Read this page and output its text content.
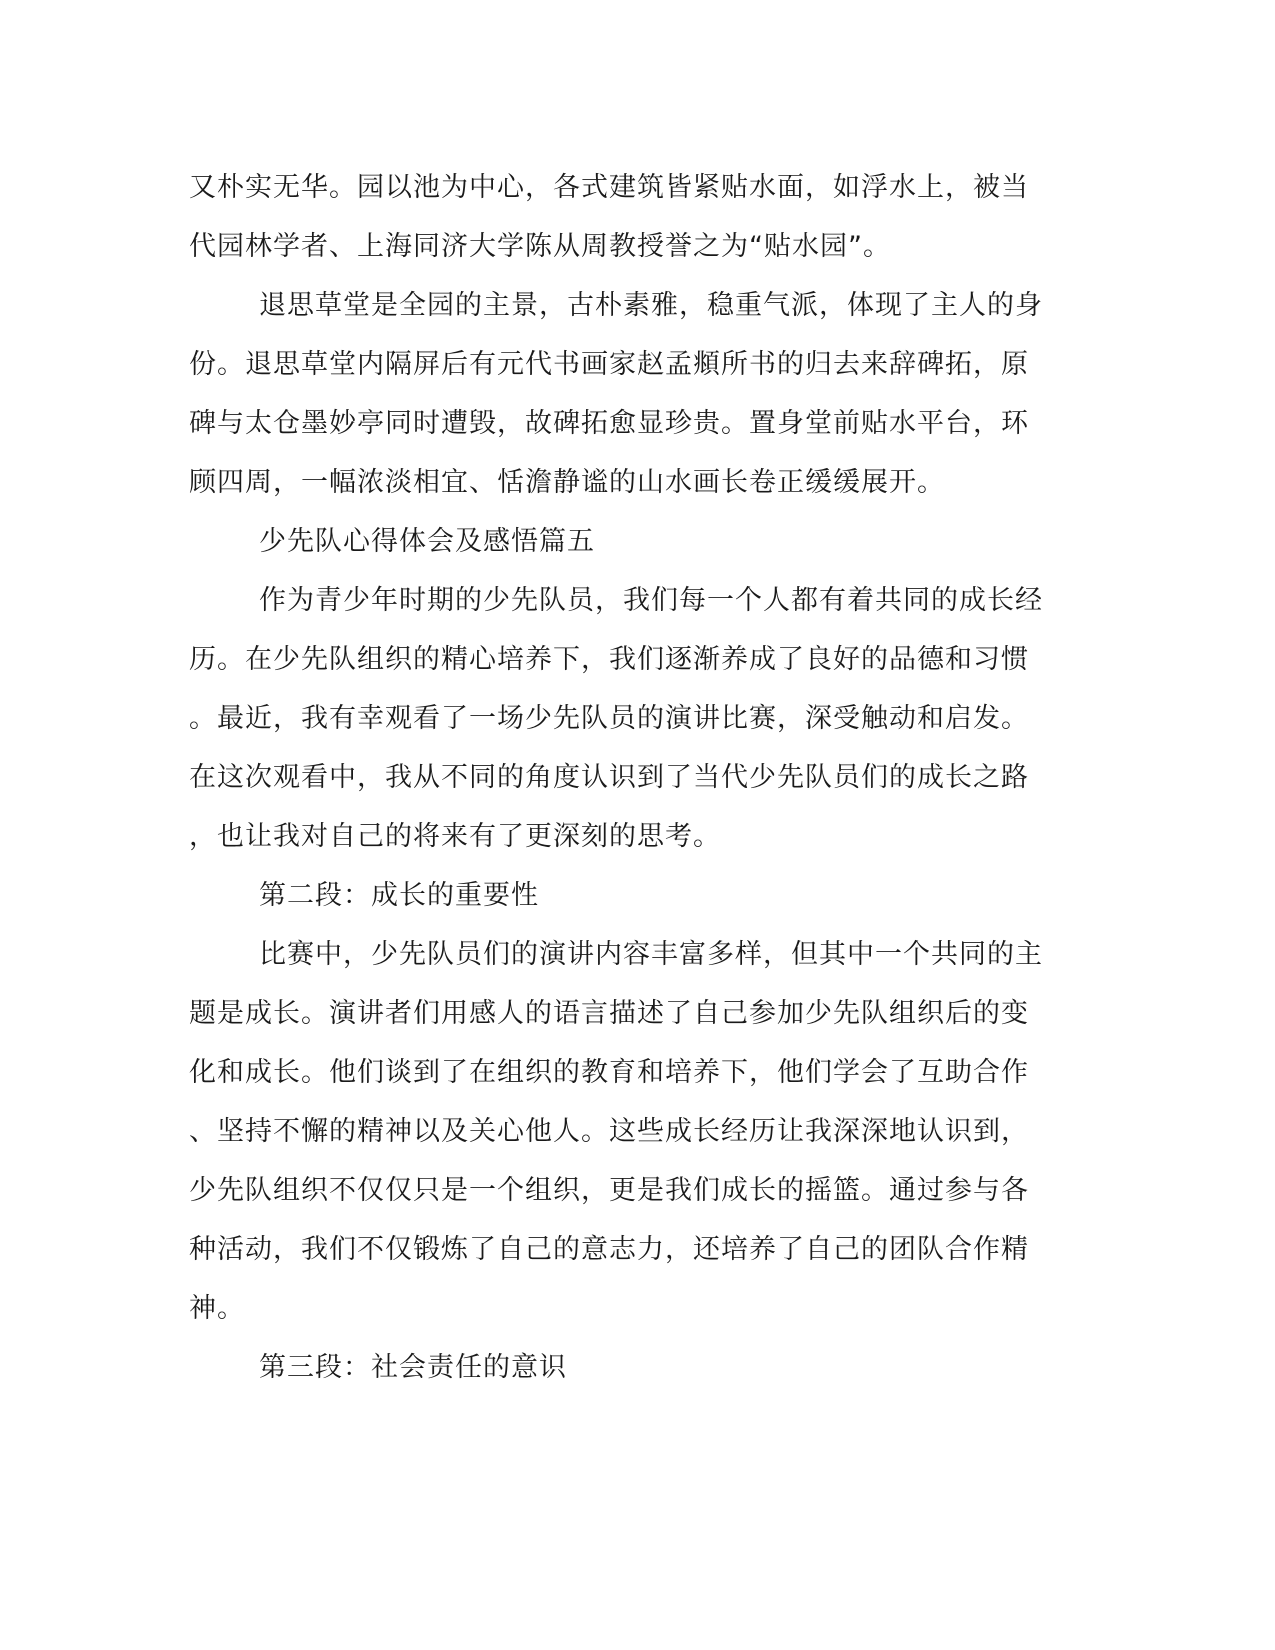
又朴实无华。园以池为中心，各式建筑皆紧贴水面，如浮水上，被当
代园林学者、上海同济大学陈从周教授誉之为“贴水园”。
退思草堂是全园的主景，古朴素雅，稳重气派，体现了主人的身
份。退思草堂内隔屏后有元代书画家赵孟頫所书的归去来辞碑拓，原
碑与太仓墨妙亭同时遭毁，故碑拓愈显珍贵。置身堂前贴水平台，环
顾四周，一幅浓淡相宜、恬澹静谧的山水画长卷正缓缓展开。
少先队心得体会及感悟篇五
作为青少年时期的少先队员，我们每一个人都有着共同的成长经
历。在少先队组织的精心培养下，我们逐渐养成了良好的品德和习惯
。最近，我有幸观看了一场少先队员的演讲比赛，深受触动和启发。
在这次观看中，我从不同的角度认识到了当代少先队员们的成长之路
，也让我对自己的将来有了更深刻的思考。
第二段：成长的重要性
比赛中，少先队员们的演讲内容丰富多样，但其中一个共同的主
题是成长。演讲者们用感人的语言描述了自己参加少先队组织后的变
化和成长。他们谈到了在组织的教育和培养下，他们学会了互助合作
、坚持不懈的精神以及关心他人。这些成长经历让我深深地认识到，
少先队组织不仅仅只是一个组织，更是我们成长的摇篮。通过参与各
种活动，我们不仅锻炼了自己的意志力，还培养了自己的团队合作精
神。
第三段：社会责任的意识
